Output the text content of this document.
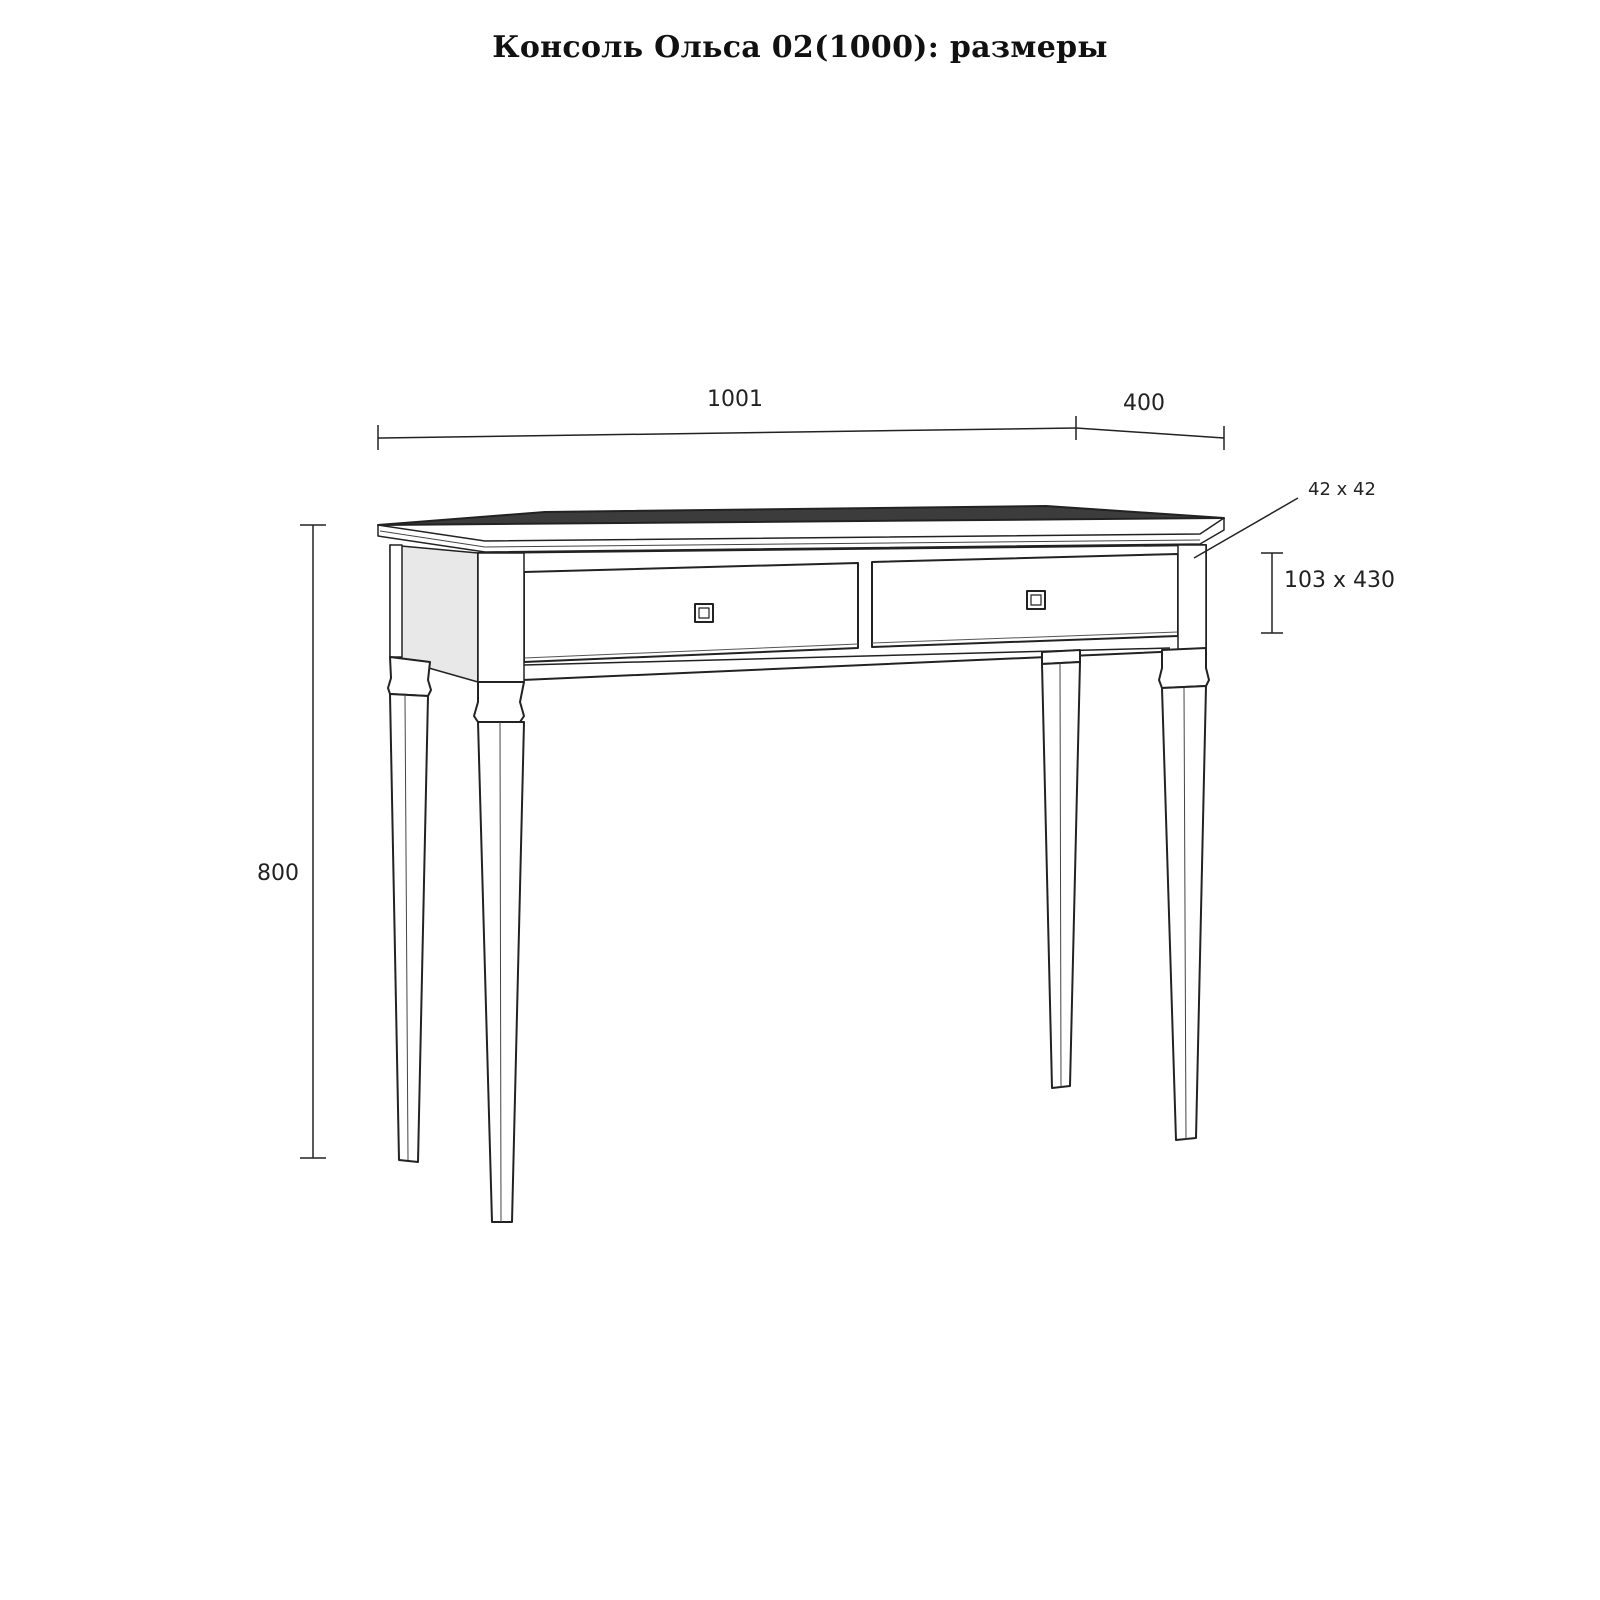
Консоль Ольса 02(1000): размеры
1001	400
800
42 x 42
103 x 430
